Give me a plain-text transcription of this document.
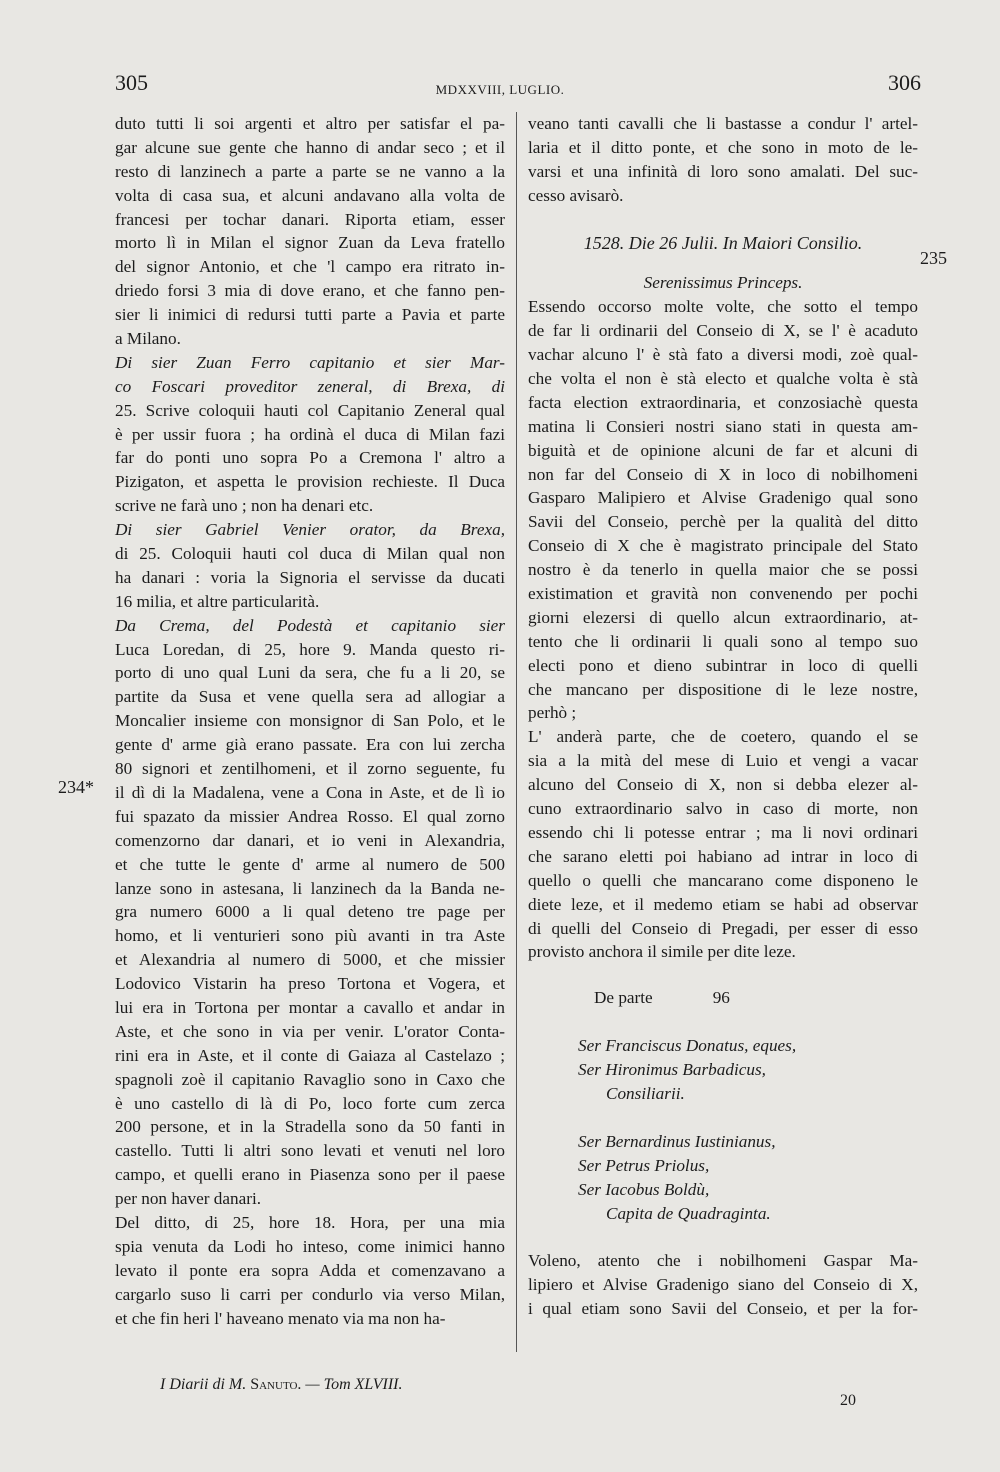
305	MDXXVIII, LUGLIO.	306
duto tutti li soi argenti et altro per satisfar el pa-
gar alcune sue gente che hanno di andar seco ; et il
resto di lanzinech a parte a parte se ne vanno a la
volta di casa sua, et alcuni andavano alla volta de
francesi per tochar danari. Riporta etiam, esser
morto lì in Milan el signor Zuan da Leva fratello
del signor Antonio, et che 'l campo era ritrato in-
driedo forsi 3 mia di dove erano, et che fanno pen-
sier li inimici di redursi tutti parte a Pavia et parte
a Milano.
Di sier Zuan Ferro capitanio et sier Mar-
co Foscari proveditor zeneral, di Brexa, di
25. Scrive coloquii hauti col Capitanio Zeneral qual
è per ussir fuora ; ha ordinà el duca di Milan fazi
far do ponti uno sopra Po a Cremona l' altro a
Pizigaton, et aspetta le provision rechieste. Il Duca
scrive ne farà uno ; non ha denari etc.
Di sier Gabriel Venier orator, da Brexa,
di 25. Coloquii hauti col duca di Milan qual non
ha danari : voria la Signoria el servisse da ducati
16 milia, et altre particularità.
Da Crema, del Podestà et capitanio sier
Luca Loredan, di 25, hore 9. Manda questo ri-
porto di uno qual Luni da sera, che fu a li 20, se
partite da Susa et vene quella sera ad allogiar a
Moncalier insieme con monsignor di San Polo, et le
gente d' arme già erano passate. Era con lui zercha
80 signori et zentilhomeni, et il zorno seguente, fu
il dì di la Madalena, vene a Cona in Aste, et de lì io
fui spazato da missier Andrea Rosso. El qual zorno
comenzorno dar danari, et io veni in Alexandria,
et che tutte le gente d' arme al numero de 500
lanze sono in astesana, li lanzinech da la Banda ne-
gra numero 6000 a li qual deteno tre page per
homo, et li venturieri sono più avanti in tra Aste
et Alexandria al numero di 5000, et che missier
Lodovico Vistarin ha preso Tortona et Vogera, et
lui era in Tortona per montar a cavallo et andar in
Aste, et che sono in via per venir. L'orator Conta-
rini era in Aste, et il conte di Gaiaza al Castelazo ;
spagnoli zoè il capitanio Ravaglio sono in Caxo che
è uno castello di là di Po, loco forte cum zerca
200 persone, et in la Stradella sono da 50 fanti in
castello. Tutti li altri sono levati et venuti nel loro
campo, et quelli erano in Piasenza sono per il paese
per non haver danari.
Del ditto, di 25, hore 18. Hora, per una mia
spia venuta da Lodi ho inteso, come inimici hanno
levato il ponte era sopra Adda et comenzavano a
cargarlo suso li carri per condurlo via verso Milan,
et che fin heri l' haveano menato via ma non ha-
234*
veano tanti cavalli che li bastasse a condur l' artel-
laria et il ditto ponte, et che sono in moto de le-
varsi et una infinità di loro sono amalati. Del suc-
cesso avisarò.
1528. Die 26 Julii. In Maiori Consilio.
Serenissimus Princeps.
Essendo occorso molte volte, che sotto el tempo
de far li ordinarii del Conseio di X, se l' è acaduto
vachar alcuno l' è stà fato a diversi modi, zoè qual-
che volta el non è stà electo et qualche volta è stà
facta election extraordinaria, et conzosiachè questa
matina li Consieri nostri siano stati in questa am-
biguità et de opinione alcuni de far et alcuni di
non far del Conseio di X in loco di nobilhomeni
Gasparo Malipiero et Alvise Gradenigo qual sono
Savii del Conseio, perchè per la qualità del ditto
Conseio di X che è magistrato principale del Stato
nostro è da tenerlo in quella maior che se possi
existimation et gravità non convenendo per pochi
giorni elezersi di quello alcun extraordinario, at-
tento che li ordinarii li quali sono al tempo suo
electi pono et dieno subintrar in loco di quelli
che mancano per dispositione di le leze nostre,
perhò ;
L' anderà parte, che de coetero, quando el se
sia a la mità del mese di Luio et vengi a vacar
alcuno del Conseio di X, non si debba elezer al-
cuno extraordinario salvo in caso di morte, non
essendo chi li potesse entrar ; ma li novi ordinari
che sarano eletti poi habiano ad intrar in loco di
quello o quelli che mancarano come disponeno le
diete leze, et il medemo etiam se habi ad observar
di quelli del Conseio di Pregadi, per esser di esso
provisto anchora il simile per dite leze.
De parte	96
Ser Franciscus Donatus, eques,
Ser Hironimus Barbadicus,
Consiliarii.
Ser Bernardinus Iustinianus,
Ser Petrus Priolus,
Ser Iacobus Boldù,
Capita de Quadraginta.
Voleno, atento che i nobilhomeni Gaspar Ma-
lipiero et Alvise Gradenigo siano del Conseio di X,
i qual etiam sono Savii del Conseio, et per la for-
235
I Diarii di M. Sanuto. — Tom XLVIII.
20
